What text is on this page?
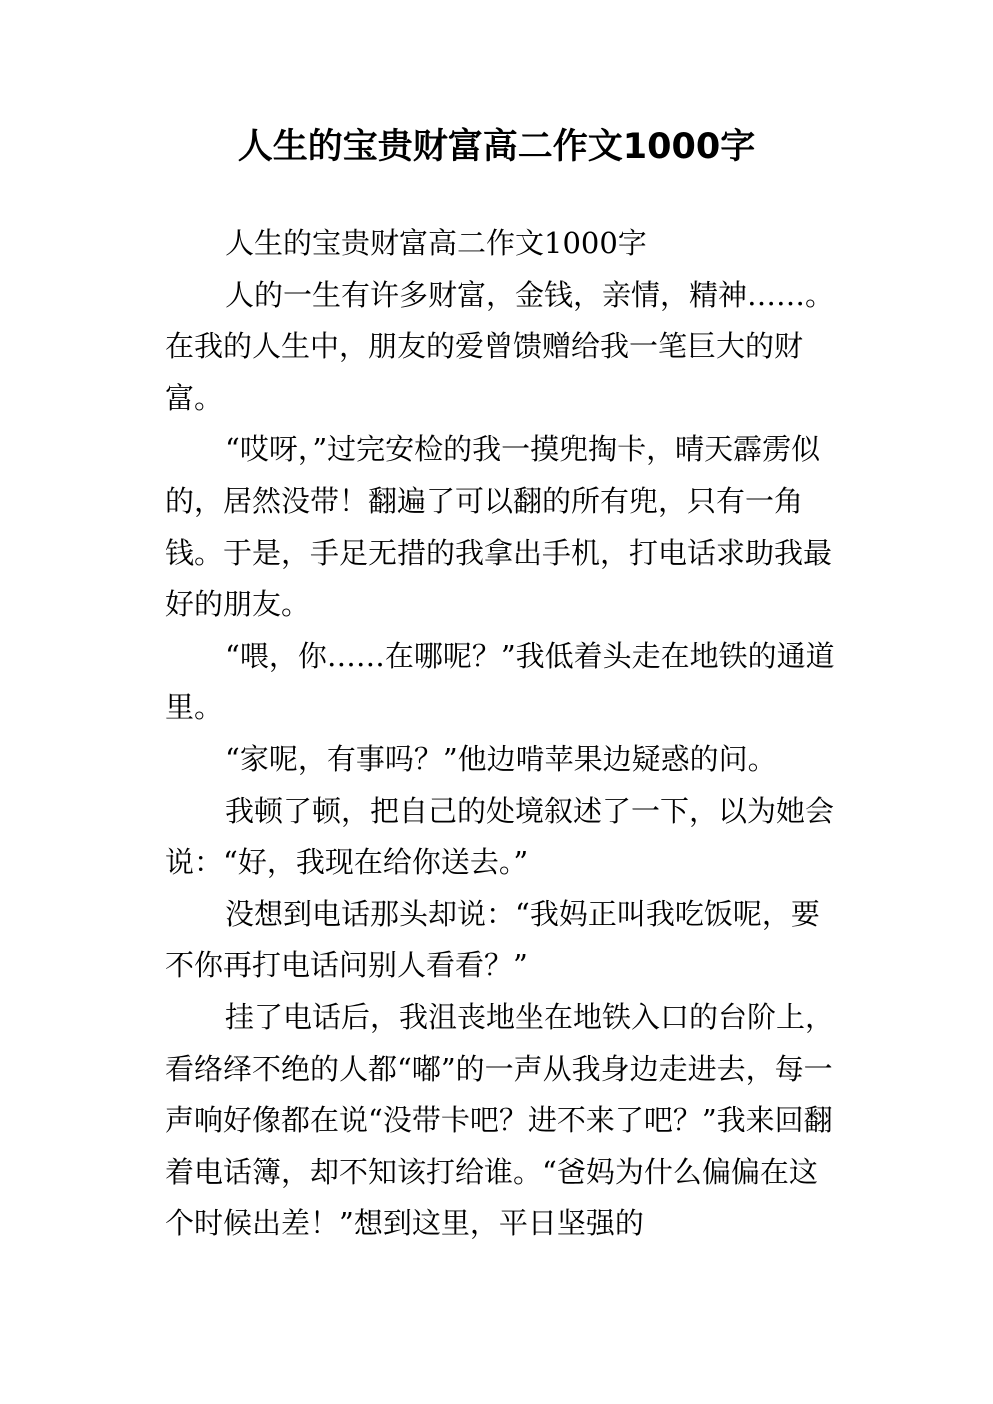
人生的宝贵财富高二作文1000字

人生的宝贵财富高二作文1000字

人的一生有许多财富，金钱，亲情，精神……。在我的人生中，朋友的爱曾馈赠给我一笔巨大的财富。

“哎呀，”过完安检的我一摸兜掏卡，晴天霹雳似的，居然没带！翻遍了可以翻的所有兜，只有一角钱。于是，手足无措的我拿出手机，打电话求助我最好的朋友。

“喂，你……在哪呢？”我低着头走在地铁的通道里。

“家呢，有事吗？”他边啃苹果边疑惑的问。

我顿了顿，把自己的处境叙述了一下，以为她会说：“好，我现在给你送去。”

没想到电话那头却说：“我妈正叫我吃饭呢，要不你再打电话问别人看看？”

挂了电话后，我沮丧地坐在地铁入口的台阶上，看络绎不绝的人都“嘟”的一声从我身边走进去，每一声响好像都在说“没带卡吧？进不来了吧？”我来回翻着电话簿，却不知该打给谁。“爸妈为什么偏偏在这个时候出差！”想到这里，平日坚强的
